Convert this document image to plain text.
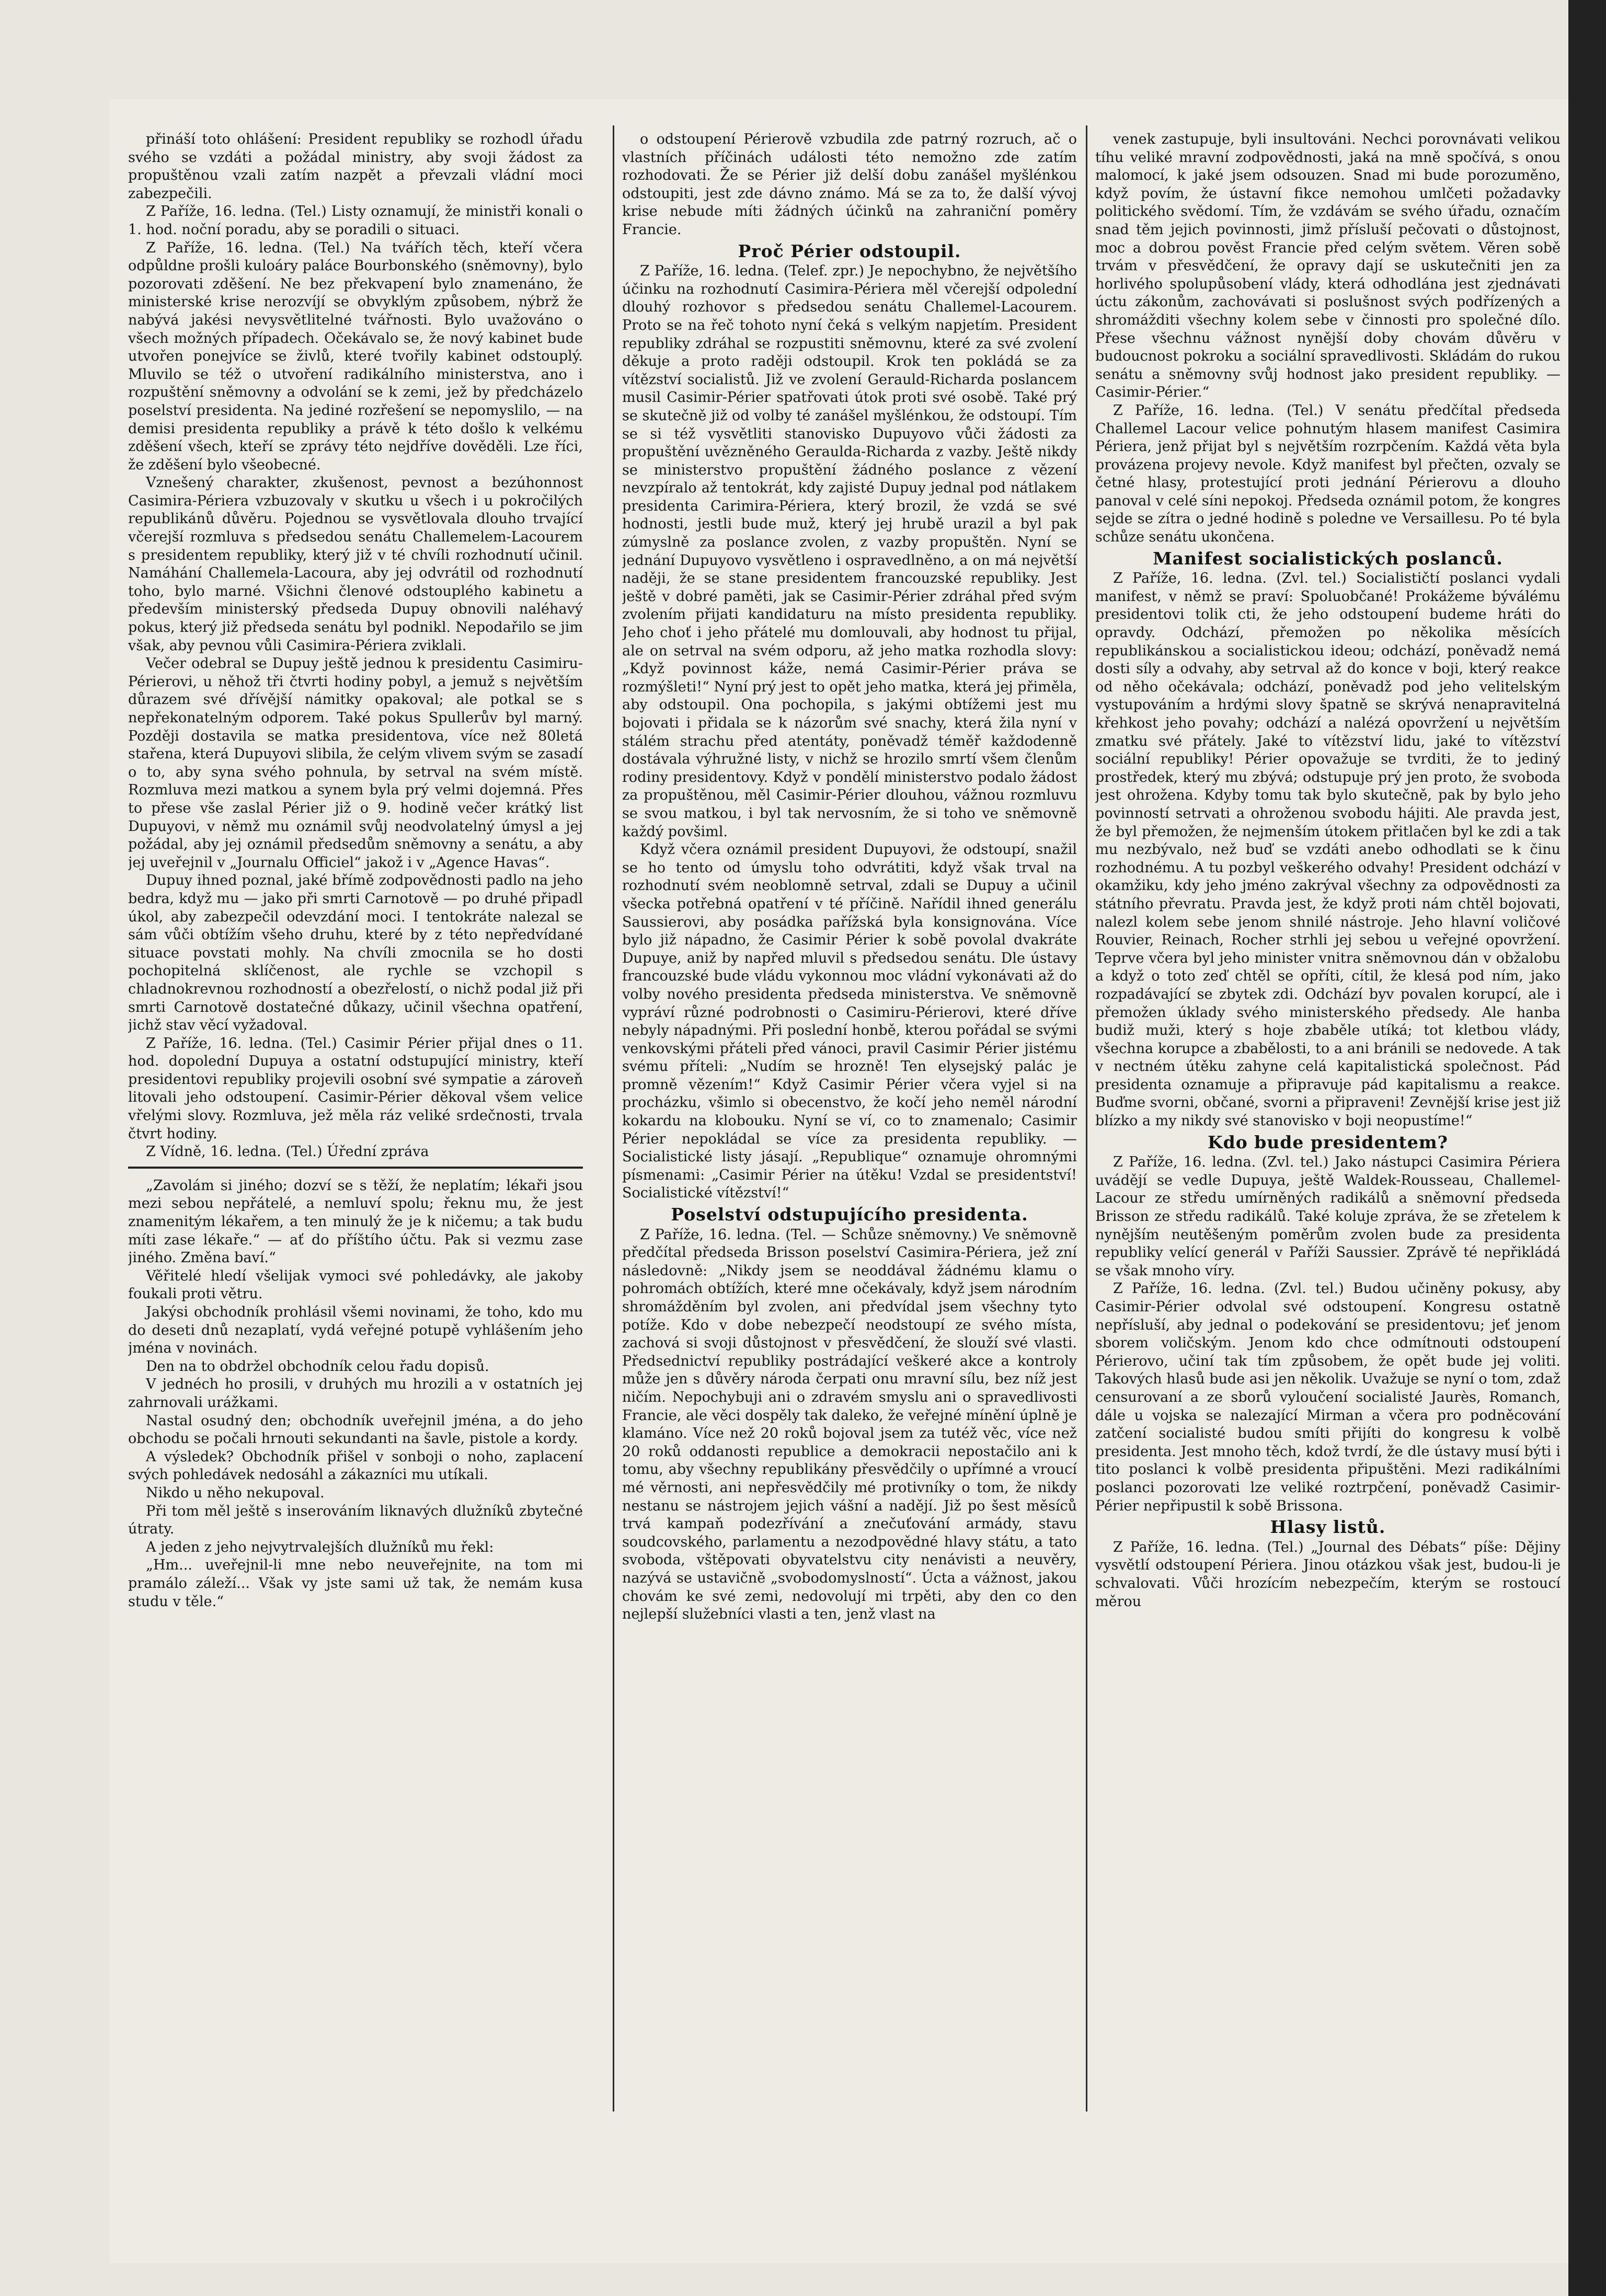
přináší toto ohlášení: President republiky se rozhodl úřadu svého se vzdáti a požádal ministry, aby svoji žádost za propuštěnou vzali zatím nazpět a převzali vládní moci zabezpečili.

Z Paříže, 16. ledna. (Tel.) Listy oznamují, že ministři konali o 1. hod. noční poradu, aby se poradili o situaci.

Z Paříže, 16. ledna. (Tel.) Na tvářích těch, kteří včera odpůldne prošli kuloáry paláce Bourbonského (sněmovny), bylo pozorovati zděšení. Ne bez překvapení bylo znamenáno, že ministerské krise nerozvíjí se obvyklým způsobem, nýbrž že nabývá jakési nevysvětlitelné tvářnosti. Bylo uvažováno o všech možných případech. Očekávalo se, že nový kabinet bude utvořen ponejvíce se živlů, které tvořily kabinet odstouplý. Mluvilo se též o utvoření radikálního ministerstva, ano i rozpuštění sněmovny a odvolání se k zemi, jež by předcházelo poselství presidenta. Na jediné rozřešení se nepomyslilo, — na demisi presidenta republiky a právě k této došlo k velkému zděšení všech, kteří se zprávy této nejdříve dověděli. Lze říci, že zděšení bylo všeobecné.

Vznešený charakter, zkušenost, pevnost a bezúhonnost Casimira-Périera vzbuzovaly v skutku u všech i u pokročilých republikánů důvěru. Pojednou se vysvětlovala dlouho trvající včerejší rozmluva s předsedou senátu Challemelem-Lacourem s presidentem republiky, který již v té chvíli rozhodnutí učinil. Namáhání Challemela-Lacoura, aby jej odvrátil od rozhodnutí toho, bylo marné. Všichni členové odstouplého kabinetu a především ministerský předseda Dupuy obnovili naléhavý pokus, který již předseda senátu byl podnikl. Nepodařilo se jim však, aby pevnou vůli Casimira-Périera zviklali.

Večer odebral se Dupuy ještě jednou k presidentu Casimiru-Périerovi, u něhož tři čtvrti hodiny pobyl, a jemuž s největším důrazem své dřívější námitky opakoval; ale potkal se s nepřekonatelným odporem. Také pokus Spullerův byl marný. Později dostavila se matka presidentova, více než 80letá stařena, která Dupuyovi slibila, že celým vlivem svým se zasadí o to, aby syna svého pohnula, by setrval na svém místě. Rozmluva mezi matkou a synem byla prý velmi dojemná. Přes to přese vše zaslal Périer již o 9. hodině večer krátký list Dupuyovi, v němž mu oznámil svůj neodvolatelný úmysl a jej požádal, aby jej oznámil předsedům sněmovny a senátu, a aby jej uveřejnil v „Journalu Officiel“ jakož i v „Agence Havas“.

Dupuy ihned poznal, jaké břímě zodpovědnosti padlo na jeho bedra, když mu — jako při smrti Carnotově — po druhé připadl úkol, aby zabezpečil odevzdání moci. I tentokráte nalezal se sám vůči obtížím všeho druhu, které by z této nepředvídané situace povstati mohly. Na chvíli zmocnila se ho dosti pochopitelná sklíčenost, ale rychle se vzchopil s chladnokrevnou rozhodností a obezřelostí, o nichž podal již při smrti Carnotově dostatečné důkazy, učinil všechna opatření, jichž stav věcí vyžadoval.

Z Paříže, 16. ledna. (Tel.) Casimir Périer přijal dnes o 11. hod. dopolední Dupuya a ostatní odstupující ministry, kteří presidentovi republiky projevili osobní své sympatie a zároveň litovali jeho odstoupení. Casimir-Périer děkoval všem velice vřelými slovy. Rozmluva, jež měla ráz veliké srdečnosti, trvala čtvrt hodiny.

Z Vídně, 16. ledna. (Tel.) Úřední zpráva

„Zavolám si jiného; dozví se s těží, že neplatím; lékaři jsou mezi sebou nepřátelé, a nemluví spolu; řeknu mu, že jest znamenitým lékařem, a ten minulý že je k ničemu; a tak budu míti zase lékaře.“ — ať do příštího účtu. Pak si vezmu zase jiného. Změna baví.“

Věřitelé hledí všelijak vymoci své pohledávky, ale jakoby foukali proti větru.

Jakýsi obchodník prohlásil všemi novinami, že toho, kdo mu do deseti dnů nezaplatí, vydá veřejné potupě vyhlášením jeho jména v novinách.

Den na to obdržel obchodník celou řadu dopisů.

V jednéch ho prosili, v druhých mu hrozili a v ostatních jej zahrnovali urážkami.

Nastal osudný den; obchodník uveřejnil jména, a do jeho obchodu se počali hrnouti sekundanti na šavle, pistole a kordy.

A výsledek? Obchodník přišel v sonboji o noho, zaplacení svých pohledávek nedosáhl a zákazníci mu utíkali.

Nikdo u něho nekupoval.

Při tom měl ještě s inserováním liknavých dlužníků zbytečné útraty.

A jeden z jeho nejvytrvalejších dlužníků mu řekl:

„Hm... uveřejnil-li mne nebo neuveřejnite, na tom mi pramálo záleží... Však vy jste sami už tak, že nemám kusa studu v těle.“

o odstoupení Périerově vzbudila zde patrný rozruch, ač o vlastních příčinách události této nemožno zde zatím rozhodovati. Že se Périer již delší dobu zanášel myšlénkou odstoupiti, jest zde dávno známo. Má se za to, že další vývoj krise nebude míti žádných účinků na zahraniční poměry Francie.

Proč Périer odstoupil.

Z Paříže, 16. ledna. (Telef. zpr.) Je nepochybno, že největšího účinku na rozhodnutí Casimira-Périera měl včerejší odpolední dlouhý rozhovor s předsedou senátu Challemel-Lacourem. Proto se na řeč tohoto nyní čeká s velkým napjetím. President republiky zdráhal se rozpustiti sněmovnu, které za své zvolení děkuje a proto raději odstoupil. Krok ten pokládá se za vítězství socialistů. Již ve zvolení Gerauld-Richarda poslancem musil Casimir-Périer spatřovati útok proti své osobě. Také prý se skutečně již od volby té zanášel myšlénkou, že odstoupí. Tím se si též vysvětliti stanovisko Dupuyovo vůči žádosti za propuštění uvězněného Geraulda-Richarda z vazby. Ještě nikdy se ministerstvo propuštění žádného poslance z vězení nevzpíralo až tentokrát, kdy zajisté Dupuy jednal pod nátlakem presidenta Carimira-Périera, který brozil, že vzdá se své hodnosti, jestli bude muž, který jej hrubě urazil a byl pak zúmyslně za poslance zvolen, z vazby propuštěn. Nyní se jednání Dupuyovo vysvětleno i ospravedlněno, a on má největší naději, že se stane presidentem francouzské republiky. Jest ještě v dobré paměti, jak se Casimir-Périer zdráhal před svým zvolením přijati kandidaturu na místo presidenta republiky. Jeho choť i jeho přátelé mu domlouvali, aby hodnost tu přijal, ale on setrval na svém odporu, až jeho matka rozhodla slovy: „Když povinnost káže, nemá Casimir-Périer práva se rozmýšleti!“ Nyní prý jest to opět jeho matka, která jej přiměla, aby odstoupil. Ona pochopila, s jakými obtížemi jest mu bojovati i přidala se k názorům své snachy, která žila nyní v stálém strachu před atentáty, poněvadž téměř každodenně dostávala výhružné listy, v nichž se hrozilo smrtí všem členům rodiny presidentovy. Když v pondělí ministerstvo podalo žádost za propuštěnou, měl Casimir-Périer dlouhou, vážnou rozmluvu se svou matkou, i byl tak nervosním, že si toho ve sněmovně každý povšiml.

Když včera oznámil president Dupuyovi, že odstoupí, snažil se ho tento od úmyslu toho odvrátiti, když však trval na rozhodnutí svém neoblomně setrval, zdali se Dupuy a učinil všecka potřebná opatření v té příčině. Nařídil ihned generálu Saussierovi, aby posádka pařížská byla konsignována. Více bylo již nápadno, že Casimir Périer k sobě povolal dvakráte Dupuye, aniž by napřed mluvil s předsedou senátu. Dle ústavy francouzské bude vládu vykonnou moc vládní vykonávati až do volby nového presidenta předseda ministerstva. Ve sněmovně vypráví různé podrobnosti o Casimiru-Périerovi, které dříve nebyly nápadnými. Při poslední honbě, kterou pořádal se svými venkovskými přáteli před vánoci, pravil Casimir Périer jistému svému příteli: „Nudím se hrozně! Ten elysejský palác je promně vězením!“ Když Casimir Périer včera vyjel si na procházku, všimlo si obecenstvo, že kočí jeho neměl národní kokardu na klobouku. Nyní se ví, co to znamenalo; Casimir Périer nepokládal se více za presidenta republiky. — Socialistické listy jásají. „Republique“ oznamuje ohromnými písmenami: „Casimir Périer na útěku! Vzdal se presidentství! Socialistické vítězství!“

Poselství odstupujícího presidenta.

Z Paříže, 16. ledna. (Tel. — Schůze sněmovny.) Ve sněmovně předčítal předseda Brisson poselství Casimira-Périera, jež zní následovně: „Nikdy jsem se neoddával žádnému klamu o pohromách obtížích, které mne očekávaly, když jsem národním shromážděním byl zvolen, ani předvídal jsem všechny tyto potíže. Kdo v dobe nebezpečí neodstoupí ze svého místa, zachová si svoji důstojnost v přesvědčení, že slouží své vlasti. Předsednictví republiky postrádající veškeré akce a kontroly může jen s důvěry národa čerpati onu mravní sílu, bez níž jest ničím. Nepochybuji ani o zdravém smyslu ani o spravedlivosti Francie, ale věci dospěly tak daleko, že veřejné mínění úplně je klamáno. Více než 20 roků bojoval jsem za tutéž věc, více než 20 roků oddanosti republice a demokracii nepostačilo ani k tomu, aby všechny republikány přesvědčily o upřímné a vroucí mé věrnosti, ani nepřesvědčily mé protivníky o tom, že nikdy nestanu se nástrojem jejich vášní a nadějí. Již po šest měsíců trvá kampaň podezřívání a znečuťování armády, stavu soudcovského, parlamentu a nezodpovědné hlavy státu, a tato svoboda, vštěpovati obyvatelstvu city nenávisti a neuvěry, nazývá se ustavičně „svobodomyslností“. Úcta a vážnost, jakou chovám ke své zemi, nedovolují mi trpěti, aby den co den nejlepší služebníci vlasti a ten, jenž vlast na

venek zastupuje, byli insultováni. Nechci porovnávati velikou tíhu veliké mravní zodpovědnosti, jaká na mně spočívá, s onou malomocí, k jaké jsem odsouzen. Snad mi bude porozuměno, když povím, že ústavní fikce nemohou umlčeti požadavky politického svědomí. Tím, že vzdávám se svého úřadu, označím snad těm jejich povinnosti, jimž přísluší pečovati o důstojnost, moc a dobrou pověst Francie před celým světem. Věren sobě trvám v přesvědčení, že opravy dají se uskutečniti jen za horlivého spolupůsobení vlády, která odhodlána jest zjednávati úctu zákonům, zachovávati si poslušnost svých podřízených a shromážditi všechny kolem sebe v činnosti pro společné dílo. Přese všechnu vážnost nynější doby chovám důvěru v budoucnost pokroku a sociální spravedlivosti. Skládám do rukou senátu a sněmovny svůj hodnost jako president republiky. — Casimir-Périer.“

Z Paříže, 16. ledna. (Tel.) V senátu předčítal předseda Challemel Lacour velice pohnutým hlasem manifest Casimira Périera, jenž přijat byl s největším rozrpčením. Každá věta byla provázena projevy nevole. Když manifest byl přečten, ozvaly se četné hlasy, protestující proti jednání Périerovu a dlouho panoval v celé síni nepokoj. Předseda oznámil potom, že kongres sejde se zítra o jedné hodině s poledne ve Versaillesu. Po té byla schůze senátu ukončena.

Manifest socialistických poslanců.

Z Paříže, 16. ledna. (Zvl. tel.) Socialističtí poslanci vydali manifest, v němž se praví: Spoluobčané! Prokážeme býválému presidentovi tolik cti, že jeho odstoupení budeme hráti do opravdy. Odchází, přemožen po několika měsících republikánskou a socialistickou ideou; odchází, poněvadž nemá dosti síly a odvahy, aby setrval až do konce v boji, který reakce od něho očekávala; odchází, poněvadž pod jeho velitelským vystupováním a hrdými slovy špatně se skrývá nenapravitelná křehkost jeho povahy; odchází a nalézá opovržení u největším zmatku své přátely. Jaké to vítězství lidu, jaké to vítězství sociální republiky! Périer opovažuje se tvrditi, že to jediný prostředek, který mu zbývá; odstupuje prý jen proto, že svoboda jest ohrožena. Kdyby tomu tak bylo skutečně, pak by bylo jeho povinností setrvati a ohroženou svobodu hájiti. Ale pravda jest, že byl přemožen, že nejmenším útokem přitlačen byl ke zdi a tak mu nezbývalo, než buď se vzdáti anebo odhodlati se k činu rozhodnému. A tu pozbyl veškerého odvahy! President odchází v okamžiku, kdy jeho jméno zakrýval všechny za odpovědnosti za státního převratu. Pravda jest, že když proti nám chtěl bojovati, nalezl kolem sebe jenom shnilé nástroje. Jeho hlavní voličové Rouvier, Reinach, Rocher strhli jej sebou u veřejné opovržení. Teprve včera byl jeho minister vnitra sněmovnou dán v obžalobu a když o toto zeď chtěl se opříti, cítil, že klesá pod ním, jako rozpadávající se zbytek zdi. Odchází byv povalen korupcí, ale i přemožen úklady svého ministerského předsedy. Ale hanba budiž muži, který s hoje zbaběle utíká; tot kletbou vlády, všechna korupce a zbabělosti, to a ani bránili se nedovede. A tak v nectném útěku zahyne celá kapitalistická společnost. Pád presidenta oznamuje a připravuje pád kapitalismu a reakce. Buďme svorni, občané, svorni a připraveni! Zevnější krise jest již blízko a my nikdy své stanovisko v boji neopustíme!“

Kdo bude presidentem?

Z Paříže, 16. ledna. (Zvl. tel.) Jako nástupci Casimira Périera uvádějí se vedle Dupuya, ještě Waldek-Rousseau, Challemel-Lacour ze středu umírněných radikálů a sněmovní předseda Brisson ze středu radikálů. Také koluje zpráva, že se zřetelem k nynějším neutěšeným poměrům zvolen bude za presidenta republiky velící generál v Paříži Saussier. Zprávě té nepřikládá se však mnoho víry.

Z Paříže, 16. ledna. (Zvl. tel.) Budou učiněny pokusy, aby Casimir-Périer odvolal své odstoupení. Kongresu ostatně nepřísluší, aby jednal o podekování se presidentovu; jeť jenom sborem voličským. Jenom kdo chce odmítnouti odstoupení Périerovo, učiní tak tím způsobem, že opět bude jej voliti. Takových hlasů bude asi jen několik. Uvažuje se nyní o tom, zdaž censurovaní a ze sborů vyloučení socialisté Jaurès, Romanch, dále u vojska se nalezající Mirman a včera pro podněcování zatčení socialisté budou smíti přijíti do kongresu k volbě presidenta. Jest mnoho těch, kdož tvrdí, že dle ústavy musí býti i tito poslanci k volbě presidenta připuštěni. Mezi radikálními poslanci pozorovati lze veliké roztrpčení, poněvadž Casimir-Périer nepřipustil k sobě Brissona.

Hlasy listů.

Z Paříže, 16. ledna. (Tel.) „Journal des Débats“ píše: Dějiny vysvětlí odstoupení Périera. Jinou otázkou však jest, budou-li je schvalovati. Vůči hrozícím nebezpečím, kterým se rostoucí měrou
